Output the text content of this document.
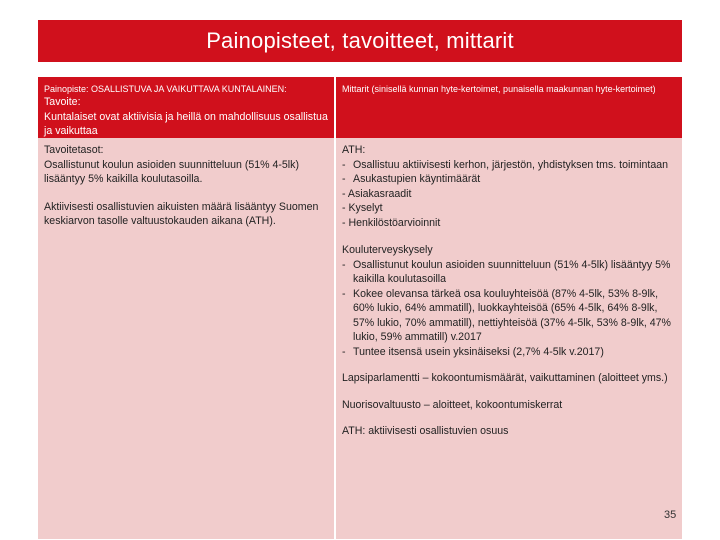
Painopisteet, tavoitteet, mittarit
Painopiste: OSALLISTUVA JA VAIKUTTAVA KUNTALAINEN:
Tavoite:
Kuntalaiset ovat aktiivisia ja heillä on mahdollisuus osallistua ja vaikuttaa
Mittarit (sinisellä kunnan hyte-kertoimet, punaisella maakunnan hyte-kertoimet)
Tavoitetasot:
Osallistunut koulun asioiden suunnitteluun (51% 4-5lk) lisääntyy 5% kaikilla koulutasoilla.
Aktiivisesti osallistuvien aikuisten määrä lisääntyy Suomen keskiarvon tasolle valtuustokauden aikana (ATH).
ATH:
- Osallistuu aktiivisesti kerhon, järjestön, yhdistyksen tms. toimintaan
- Asukastupien käyntimäärät
- Asiakasraadit
- Kyselyt
- Henkilöstöarvioinnit
Kouluterveyskysely
- Osallistunut koulun asioiden suunnitteluun (51% 4-5lk) lisääntyy 5% kaikilla koulutasoilla
- Kokee olevansa tärkeä osa kouluyhteisöä (87% 4-5lk, 53% 8-9lk, 60% lukio, 64% ammatill), luokkayhteisöä (65% 4-5lk, 64% 8-9lk, 57% lukio, 70% ammatill), nettiyhteisöä (37% 4-5lk, 53% 8-9lk, 47% lukio, 59% ammatill) v.2017
- Tuntee itsensä usein yksinäiseksi (2,7% 4-5lk v.2017)
Lapsiparlamentti – kokoontumismäärät, vaikuttaminen (aloitteet yms.)
Nuorisovaltuusto – aloitteet, kokoontumiskerrat
ATH: aktiivisesti osallistuvien osuus
35
